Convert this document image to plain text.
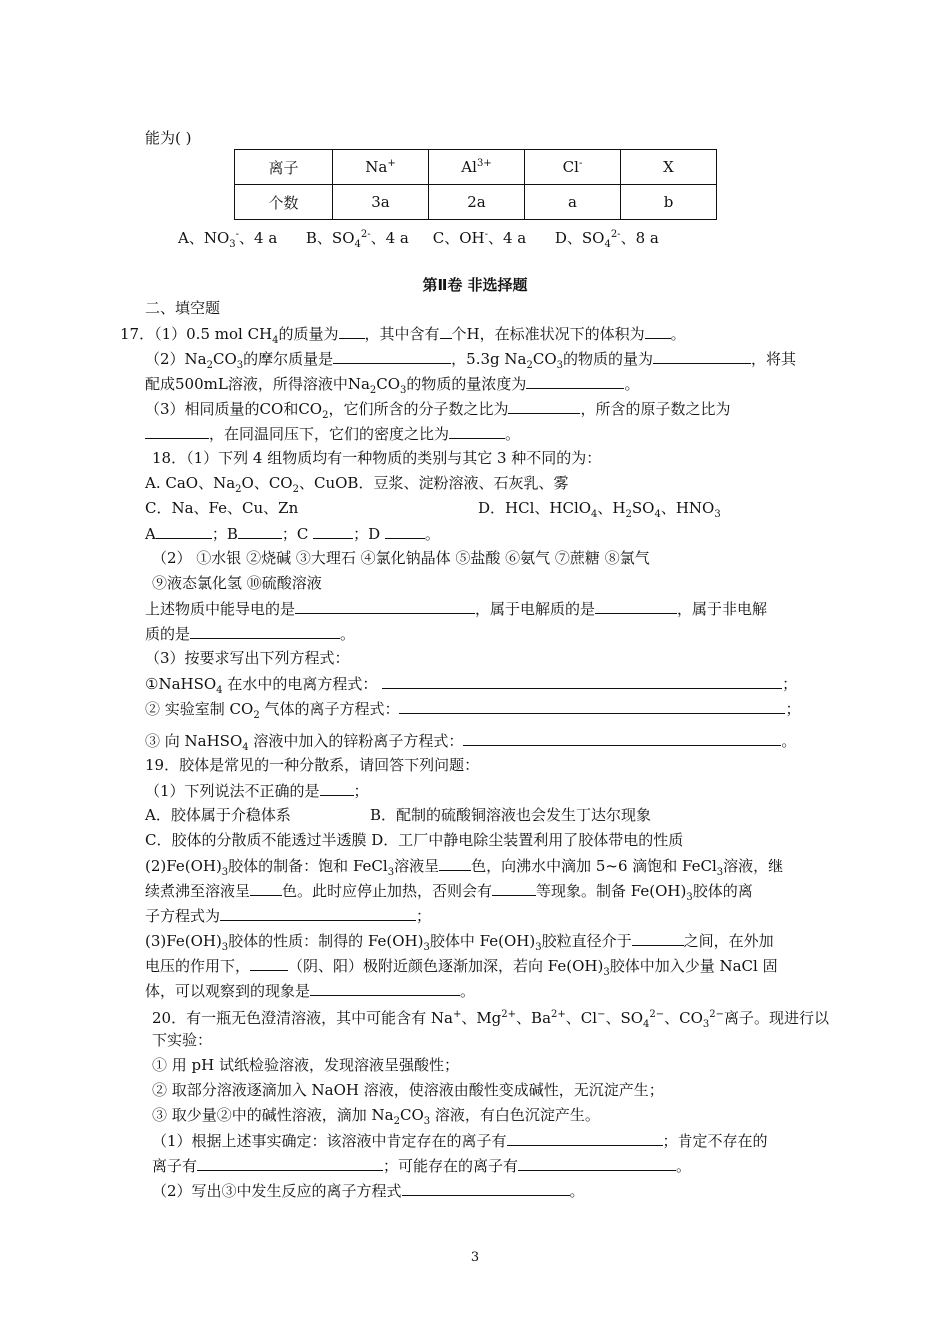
能为( )
离子	Na+	$Al^{3+}$	Cl-	X
个数	3a	2a	a	b
A、$NO_3^-$、4 a      B、$SO_4^{2-}$、4 a     C、OH-、4 a      D、$SO_4^{2-}$、8 a
第Ⅱ卷 非选择题
二、填空题
17．（1）0.5 mol $CH_4$的质量为 ，其中含有 个H，在标准状况下的体积为 。
$(2)Na_2CO_3$的摩尔质量是	，5.3g $Na_2CO_3$的物质的量为	，将其
配成500mL溶液，所得溶液中$Na_2CO_3$的物质的量浓度为	。
（3）相同质量的CO和$CO_2$，它们所含的分子数之比为	，所含的原子数之比为
，在同温同压下，它们的密度之比为	。
18．（1）下列 4 组物质均有一种物质的类别与其它 3 种不同的为：
A. CaO、$Na_2O$、$CO_2$、CuOB．豆浆、淀粉溶液、石灰乳、雾
C．Na、Fe、Cu、Zn	D．HCl、HClO$_4$、$H_2SO_4$、$HNO_3$
A	；B	；C	；D	。
（2） ①水银 ②烧碱 ③大理石 ④氯化钠晶体 ⑤盐酸 ⑥氨气 ⑦蔗糖 ⑧氯气
⑨液态氯化氢 ⑩硫酸溶液
上述物质中能导电的是	，属于电解质的是	，属于非电解
质的是	。
（3）按要求写出下列方程式：
①NaHSO$_4$ 在水中的电离方程式：	；
② 实验室制 $CO_2$ 气体的离子方程式：	；
③ 向 NaHSO$_4$ 溶液中加入的锌粉离子方程式：	。
19．胶体是常见的一种分散系，请回答下列问题：
（1）下列说法不正确的是 ；
A．胶体属于介稳体系	B．配制的硫酸铜溶液也会发生丁达尔现象
C．胶体的分散质不能透过半透膜 D．工厂中静电除尘装置利用了胶体带电的性质
$(2)Fe(OH)_3$胶体的制备：饱和 FeCl$_3$溶液呈 色，向沸水中滴加 5~6 滴饱和 FeCl$_3$溶液，继
续煮沸至溶液呈 色。此时应停止加热，否则会有	等现象。制备 $Fe(OH)_3$胶体的离
子方程式为	；
$(3)Fe(OH)_3$胶体的性质：制得的 $Fe(OH)_3$胶体中 $Fe(OH)_3$胶粒直径介于	之间，在外加
电压的作用下，	（阴、阳）极附近颜色逐渐加深，若向 $Fe(OH)_3$胶体中加入少量 NaCl 固
体，可以观察到的现象是	。
20．有一瓶无色澄清溶液，其中可能含有 Na+、$Mg^{2+}$、$Ba^{2+}$、Cl−、$SO_4^{2-}$、$CO_3^{2-}$离子。现进行以
下实验：
① 用 pH 试纸检验溶液，发现溶液呈强酸性；
② 取部分溶液逐滴加入 NaOH 溶液，使溶液由酸性变成碱性，无沉淀产生；
③ 取少量②中的碱性溶液，滴加 $Na_2CO_3$ 溶液，有白色沉淀产生。
（1）根据上述事实确定：该溶液中肯定存在的离子有	；肯定不存在的
离子有	；可能存在的离子有	。
（2）写出③中发生反应的离子方程式	。
3
